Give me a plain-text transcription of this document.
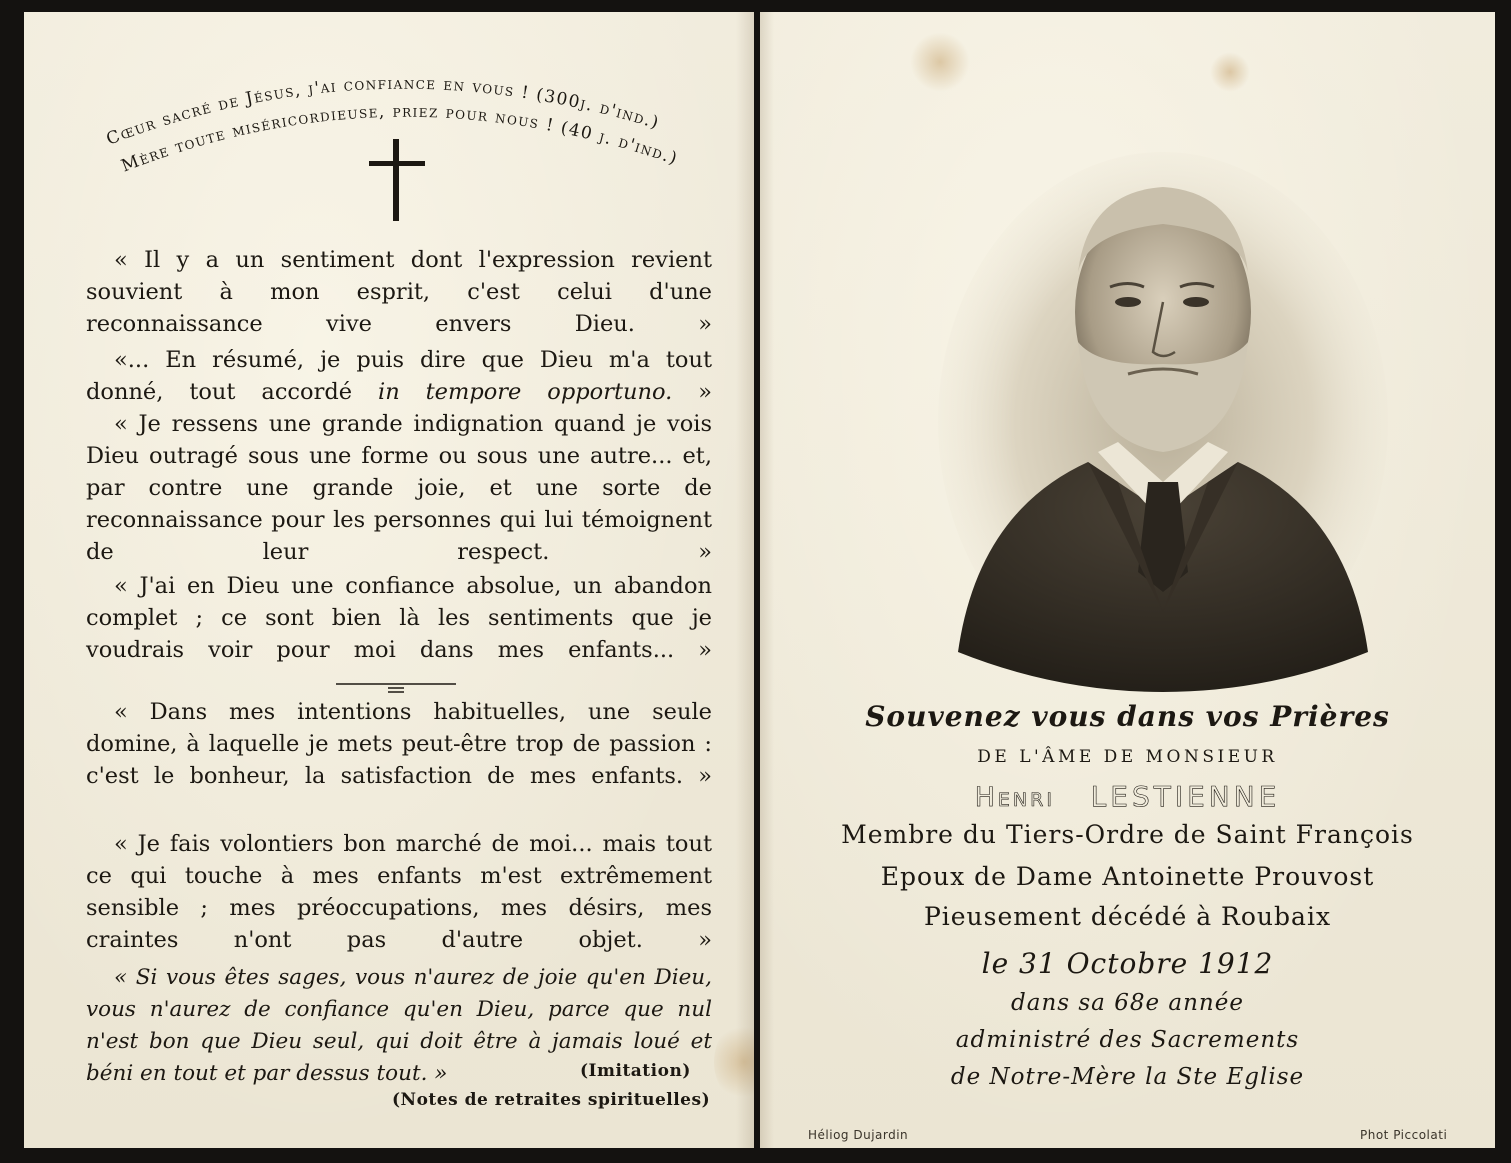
Cœur sacré de Jésus, j'ai confiance en vous ! (300j. d'ind.)
Mère toute miséricordieuse, priez pour nous ! (40 j. d'ind.)

« Il y a un sentiment dont l'expression revient souvient à mon esprit, c'est celui d'une reconnaissance vive envers Dieu. »

«... En résumé, je puis dire que Dieu m'a tout donné, tout accordé in tempore opportuno. »

« Je ressens une grande indignation quand je vois Dieu outragé sous une forme ou sous une autre... et, par contre une grande joie, et une sorte de reconnaissance pour les personnes qui lui témoignent de leur respect. »

« J'ai en Dieu une confiance absolue, un abandon complet ; ce sont bien là les sentiments que je voudrais voir pour moi dans mes enfants... »

« Dans mes intentions habituelles, une seule domine, à laquelle je mets peut-être trop de passion : c'est le bonheur, la satisfaction de mes enfants. »

« Je fais volontiers bon marché de moi... mais tout ce qui touche à mes enfants m'est extrêmement sensible ; mes préoccupations, mes désirs, mes craintes n'ont pas d'autre objet. »

« Si vous êtes sages, vous n'aurez de joie qu'en Dieu, vous n'aurez de confiance qu'en Dieu, parce que nul n'est bon que Dieu seul, qui doit être à jamais loué et béni en tout et par dessus tout. »	(Imitation)
(Notes de retraites spirituelles)
Souvenez vous dans vos Prières
DE L'ÂME DE MONSIEUR
Henri LESTIENNE
Membre du Tiers-Ordre de Saint François
Epoux de Dame Antoinette Prouvost
Pieusement décédé à Roubaix
le 31 Octobre 1912
dans sa 68e année
administré des Sacrements
de Notre-Mère la Ste Eglise
Héliog Dujardin	Phot Piccolati
